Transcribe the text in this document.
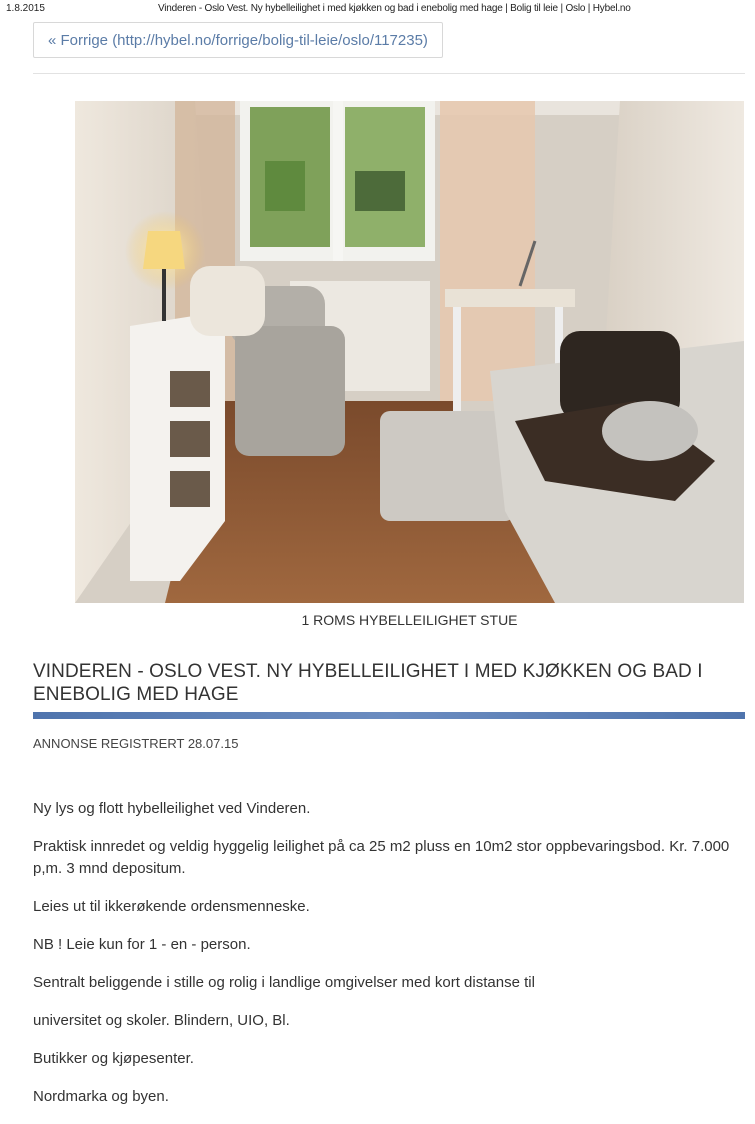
1.8.2015	Vinderen - Oslo Vest. Ny hybelleilighet i med kjøkken og bad i enebolig med hage | Bolig til leie | Oslo | Hybel.no
« Forrige (http://hybel.no/forrige/bolig-til-leie/oslo/117235)
1 ROMS HYBELLEILIGHET STUE
VINDEREN - OSLO VEST. NY HYBELLEILIGHET I MED KJØKKEN OG BAD I ENEBOLIG MED HAGE
ANNONSE REGISTRERT 28.07.15

Ny lys og flott hybelleilighet ved Vinderen.

Praktisk innredet og veldig hyggelig leilighet på ca 25 m2 pluss en 10m2 stor oppbevaringsbod. Kr. 7.000 p,m. 3 mnd depositum.

Leies ut til ikkerøkende ordensmenneske.

NB ! Leie kun for 1 - en - person.

Sentralt beliggende i stille og rolig i landlige omgivelser med kort distanse til

universitet og skoler. Blindern, UIO, Bl.

Butikker og kjøpesenter.

Nordmarka og byen.
